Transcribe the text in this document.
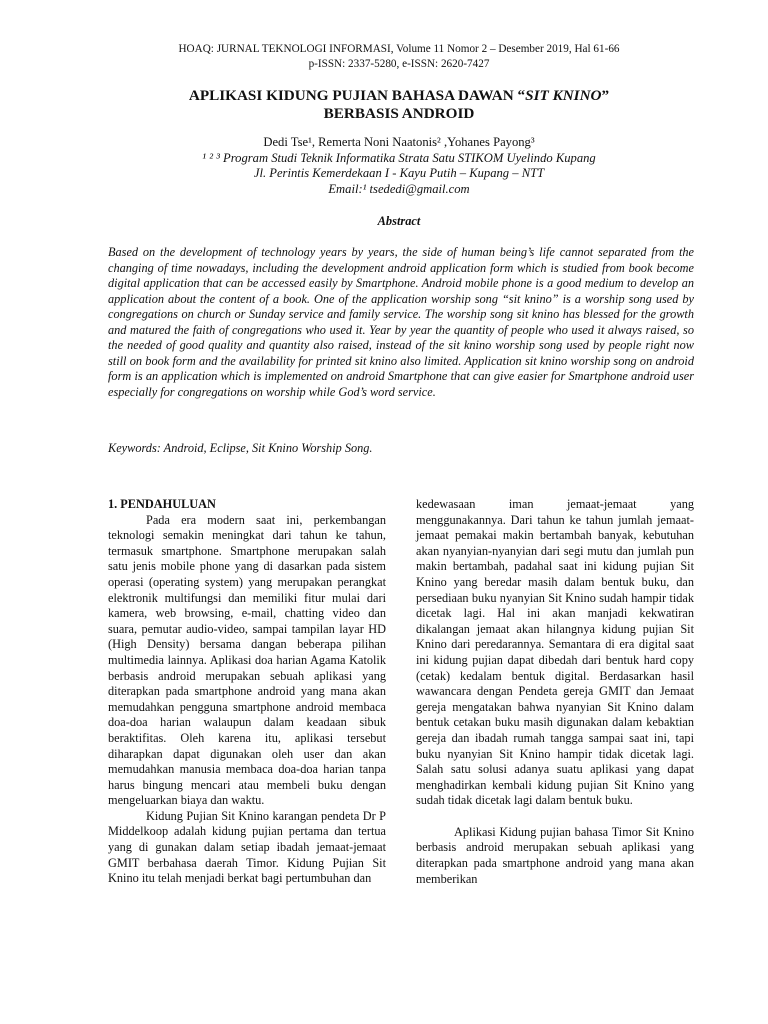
HOAQ: JURNAL TEKNOLOGI INFORMASI, Volume 11 Nomor 2 – Desember 2019, Hal 61-66
p-ISSN: 2337-5280, e-ISSN: 2620-7427
APLIKASI KIDUNG PUJIAN BAHASA DAWAN “SIT KNINO”
BERBASIS ANDROID
Dedi Tse¹, Remerta Noni Naatonis² ,Yohanes Payong³
¹ ² ³ Program Studi Teknik Informatika Strata Satu STIKOM Uyelindo Kupang
Jl. Perintis Kemerdekaan I - Kayu Putih – Kupang – NTT
Email:¹ tsededi@gmail.com
Abstract

Based on the development of technology years by years, the side of human being’s life cannot separated from the changing of time nowadays, including the development android application form which is studied from book become digital application that can be accessed easily by Smartphone. Android mobile phone is a good medium to develop an application about the content of a book. One of the application worship song “sit knino” is a worship song used by congregations on church or Sunday service and family service. The worship song sit knino has blessed for the growth and matured the faith of congregations who used it. Year by year the quantity of people who used it always raised, so the needed of good quality and quantity also raised, instead of the sit knino worship song used by people right now still on book form and the availability for printed sit knino also limited. Application sit knino worship song on android form is an application which is implemented on android Smartphone that can give easier for Smartphone android user especially for congregations on worship while God’s word service.

Keywords: Android, Eclipse, Sit Knino Worship Song.

1. PENDAHULUAN

Pada era modern saat ini, perkembangan teknologi semakin meningkat dari tahun ke tahun, termasuk smartphone. Smartphone merupakan salah satu jenis mobile phone yang di dasarkan pada sistem operasi (operating system) yang merupakan perangkat elektronik multifungsi dan memiliki fitur mulai dari kamera, web browsing, e-mail, chatting video dan suara, pemutar audio-video, sampai tampilan layar HD (High Density) bersama dangan beberapa pilihan multimedia lainnya. Aplikasi doa harian Agama Katolik berbasis android merupakan sebuah aplikasi yang diterapkan pada smartphone android yang mana akan memudahkan pengguna smartphone android membaca doa-doa harian walaupun dalam keadaan sibuk beraktifitas. Oleh karena itu, aplikasi tersebut diharapkan dapat digunakan oleh user dan akan memudahkan manusia membaca doa-doa harian tanpa harus bingung mencari atau membeli buku dengan mengeluarkan biaya dan waktu.

Kidung Pujian Sit Knino karangan pendeta Dr P Middelkoop adalah kidung pujian pertama dan tertua yang di gunakan dalam setiap ibadah jemaat-jemaat GMIT berbahasa daerah Timor. Kidung Pujian Sit Knino itu telah menjadi berkat bagi pertumbuhan dan

kedewasaan iman jemaat-jemaat yang menggunakannya. Dari tahun ke tahun jumlah jemaat-jemaat pemakai makin bertambah banyak, kebutuhan akan nyanyian-nyanyian dari segi mutu dan jumlah pun makin bertambah, padahal saat ini kidung pujian Sit Knino yang beredar masih dalam bentuk buku, dan persediaan buku nyanyian Sit Knino sudah hampir tidak dicetak lagi. Hal ini akan manjadi kekwatiran dikalangan jemaat akan hilangnya kidung pujian Sit Knino dari peredarannya. Semantara di era digital saat ini kidung pujian dapat dibedah dari bentuk hard copy (cetak) kedalam bentuk digital. Berdasarkan hasil wawancara dengan Pendeta gereja GMIT dan Jemaat gereja mengatakan bahwa nyanyian Sit Knino dalam bentuk cetakan buku masih digunakan dalam kebaktian gereja dan ibadah rumah tangga sampai saat ini, tapi buku nyanyian Sit Knino hampir tidak dicetak lagi. Salah satu solusi adanya suatu aplikasi yang dapat menghadirkan kembali kidung pujian Sit Knino yang sudah tidak dicetak lagi dalam bentuk buku.

Aplikasi Kidung pujian bahasa Timor Sit Knino berbasis android merupakan sebuah aplikasi yang diterapkan pada smartphone android yang mana akan memberikan
